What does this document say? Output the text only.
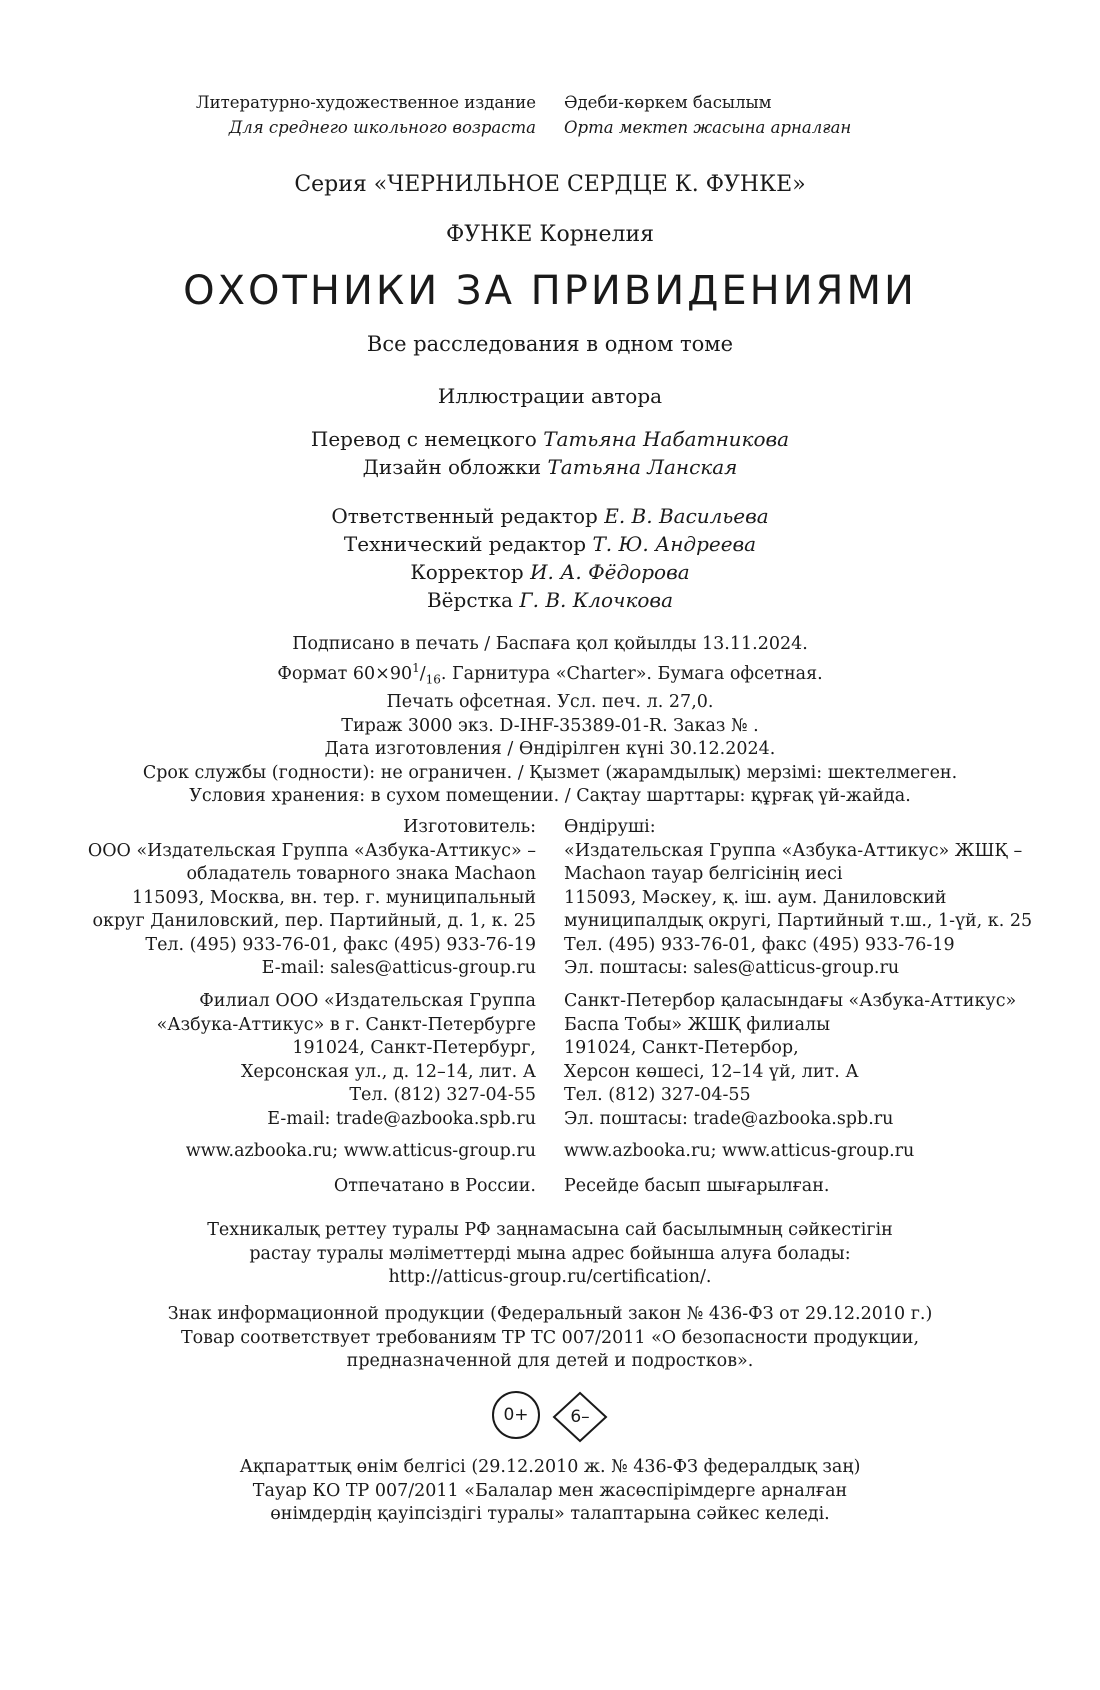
Литературно-художественное издание
Для среднего школьного возраста
Әдеби-көркем басылым
Орта мектеп жасына арналған
Серия «ЧЕРНИЛЬНОЕ СЕРДЦЕ К. ФУНКЕ»
ФУНКЕ Корнелия
ОХОТНИКИ ЗА ПРИВИДЕНИЯМИ
Все расследования в одном томе
Иллюстрации автора
Перевод с немецкого Татьяна Набатникова
Дизайн обложки Татьяна Ланская
Ответственный редактор Е. В. Васильева
Технический редактор Т. Ю. Андреева
Корректор И. А. Фёдорова
Вёрстка Г. В. Клочкова
Подписано в печать / Баспаға қол қойылды 13.11.2024.
Формат $60\times 90^1/_{16}$. Гарнитура «Charter». Бумага офсетная.
Печать офсетная. Усл. печ. л. 27,0.
Тираж 3000 экз. D-IHF-35389-01-R. Заказ № .
Дата изготовления / Өндірілген күні 30.12.2024.
Срок службы (годности): не ограничен. / Қызмет (жарамдылық) мерзімі: шектелмеген.
Условия хранения: в сухом помещении. / Сақтау шарттары: құрғақ үй-жайда.
Изготовитель:
ООО «Издательская Группа «Азбука-Аттикус» –
обладатель товарного знака Machaon
115093, Москва, вн. тер. г. муниципальный
округ Даниловский, пер. Партийный, д. 1, к. 25
Тел. (495) 933-76-01, факс (495) 933-76-19
E-mail: sales@atticus-group.ru
Өндіруші:
«Издательская Группа «Азбука-Аттикус» ЖШҚ –
Machaon тауар белгісінің иесі
115093, Мәскеу, қ. іш. аум. Даниловский
муниципалдық округі, Партийный т.ш., 1-үй, к. 25
Тел. (495) 933-76-01, факс (495) 933-76-19
Эл. поштасы: sales@atticus-group.ru
Филиал ООО «Издательская Группа
«Азбука-Аттикус» в г. Санкт-Петербурге
191024, Санкт-Петербург,
Херсонская ул., д. 12–14, лит. А
Тел. (812) 327-04-55
E-mail: trade@azbooka.spb.ru
Санкт-Петербор қаласындағы «Азбука-Аттикус»
Баспа Тобы» ЖШҚ филиалы
191024, Санкт-Петербор,
Херсон көшесі, 12–14 үй, лит. А
Тел. (812) 327-04-55
Эл. поштасы: trade@azbooka.spb.ru
www.azbooka.ru; www.atticus-group.ru www.azbooka.ru; www.atticus-group.ru
Отпечатано в России. Ресейде басып шығарылған.
Техникалық реттеу туралы РФ заңнамасына сай басылымның сәйкестігін
растау туралы мәліметтерді мына адрес бойынша алуға болады:
http://atticus-group.ru/certification/.
Знак информационной продукции (Федеральный закон № 436-ФЗ от 29.12.2010 г.)
Товар соответствует требованиям ТР ТС 007/2011 «О безопасности продукции,
предназначенной для детей и подростков».
0+	6–
Ақпараттық өнім белгісі (29.12.2010 ж. № 436-ФЗ федералдық заң)
Тауар КО ТР 007/2011 «Балалар мен жасөспірімдерге арналған
өнімдердің қауіпсіздігі туралы» талаптарына сәйкес келеді.
